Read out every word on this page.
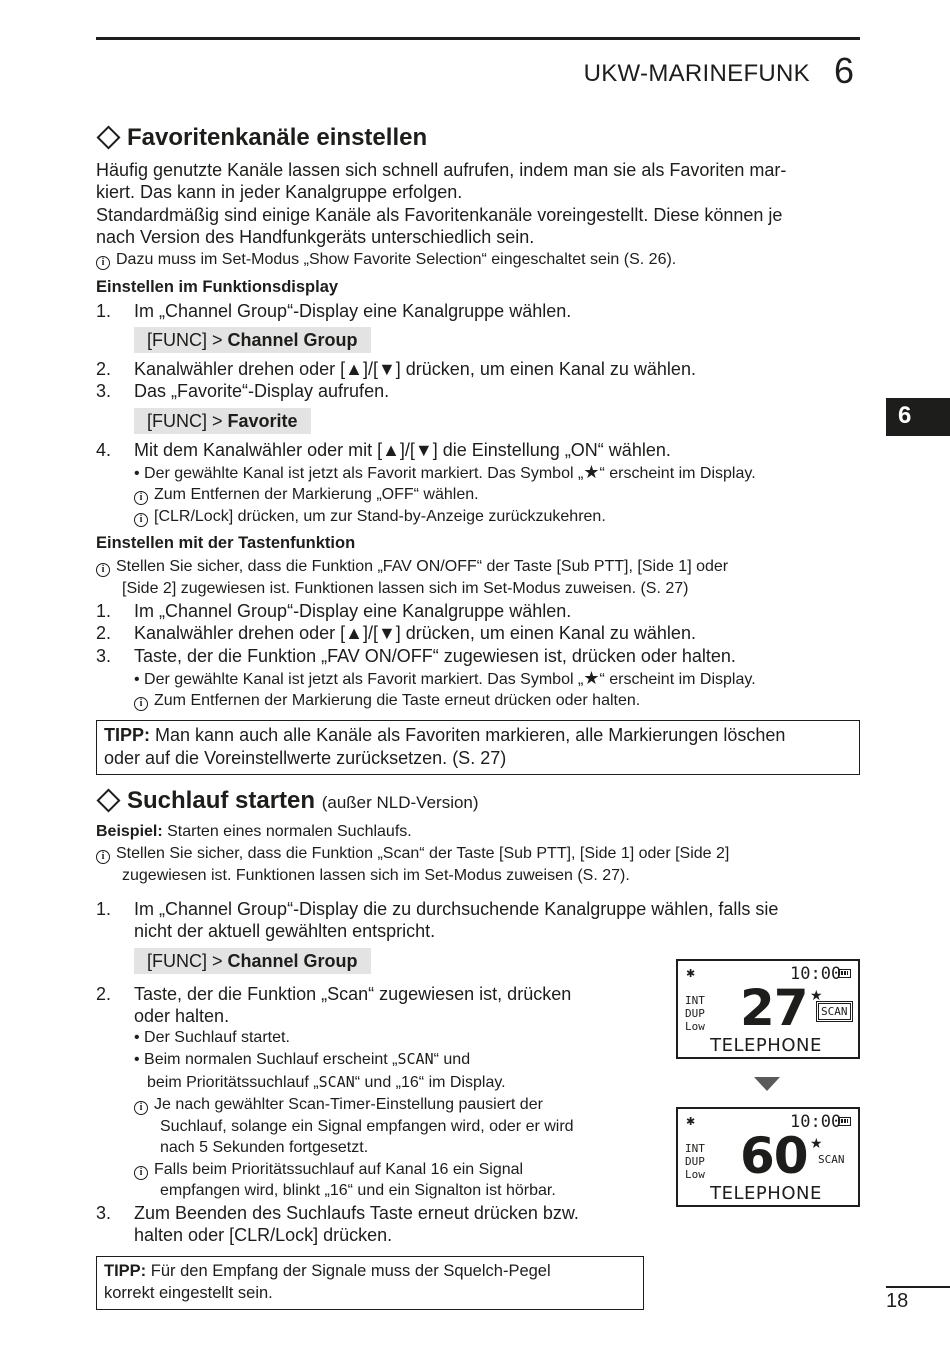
UKW-MARINEFUNK 6
6
Favoritenkanäle einstellen
Häufig genutzte Kanäle lassen sich schnell aufrufen, indem man sie als Favoriten mar-
kiert. Das kann in jeder Kanalgruppe erfolgen.
Standardmäßig sind einige Kanäle als Favoritenkanäle voreingestellt. Diese können je
nach Version des Handfunkgeräts unterschiedlich sein.
i Dazu muss im Set-Modus „Show Favorite Selection“ eingeschaltet sein (S. 26).
Einstellen im Funktionsdisplay
1. Im „Channel Group“-Display eine Kanalgruppe wählen.
[FUNC] > Channel Group
2. Kanalwähler drehen oder [▲]/[▼] drücken, um einen Kanal zu wählen.
3. Das „Favorite“-Display aufrufen.
[FUNC] > Favorite
4. Mit dem Kanalwähler oder mit [▲]/[▼] die Einstellung „ON“ wählen.
• Der gewählte Kanal ist jetzt als Favorit markiert. Das Symbol „★“ erscheint im Display.
i Zum Entfernen der Markierung „OFF“ wählen.
i [CLR/Lock] drücken, um zur Stand-by-Anzeige zurückzukehren.
Einstellen mit der Tastenfunktion
i Stellen Sie sicher, dass die Funktion „FAV ON/OFF“ der Taste [Sub PTT], [Side 1] oder
[Side 2] zugewiesen ist. Funktionen lassen sich im Set-Modus zuweisen. (S. 27)
1. Im „Channel Group“-Display eine Kanalgruppe wählen.
2. Kanalwähler drehen oder [▲]/[▼] drücken, um einen Kanal zu wählen.
3. Taste, der die Funktion „FAV ON/OFF“ zugewiesen ist, drücken oder halten.
• Der gewählte Kanal ist jetzt als Favorit markiert. Das Symbol „★“ erscheint im Display.
i Zum Entfernen der Markierung die Taste erneut drücken oder halten.
TIPP: Man kann auch alle Kanäle als Favoriten markieren, alle Markierungen löschen
oder auf die Voreinstellwerte zurücksetzen. (S. 27)
Suchlauf starten (außer NLD-Version)
Beispiel: Starten eines normalen Suchlaufs.
i Stellen Sie sicher, dass die Funktion „Scan“ der Taste [Sub PTT], [Side 1] oder [Side 2]
zugewiesen ist. Funktionen lassen sich im Set-Modus zuweisen (S. 27).
1. Im „Channel Group“-Display die zu durchsuchende Kanalgruppe wählen, falls sie
nicht der aktuell gewählten entspricht.
[FUNC] > Channel Group
2. Taste, der die Funktion „Scan“ zugewiesen ist, drücken
oder halten.
• Der Suchlauf startet.
• Beim normalen Suchlauf erscheint „SCAN“ und
beim Prioritätssuchlauf „SCAN“ und „16“ im Display.
i Je nach gewählter Scan-Timer-Einstellung pausiert der
Suchlauf, solange ein Signal empfangen wird, oder er wird
nach 5 Sekunden fortgesetzt.
i Falls beim Prioritätssuchlauf auf Kanal 16 ein Signal
empfangen wird, blinkt „16“ und ein Signalton ist hörbar.
3. Zum Beenden des Suchlaufs Taste erneut drücken bzw.
halten oder [CLR/Lock] drücken.
TIPP: Für den Empfang der Signale muss der Squelch-Pegel
korrekt eingestellt sein.
✱	10:00
INT
DUP
Low 27 ★
SCAN
TELEPHONE
✱	10:00
INT
DUP
Low 60 ★
SCAN
TELEPHONE
18
